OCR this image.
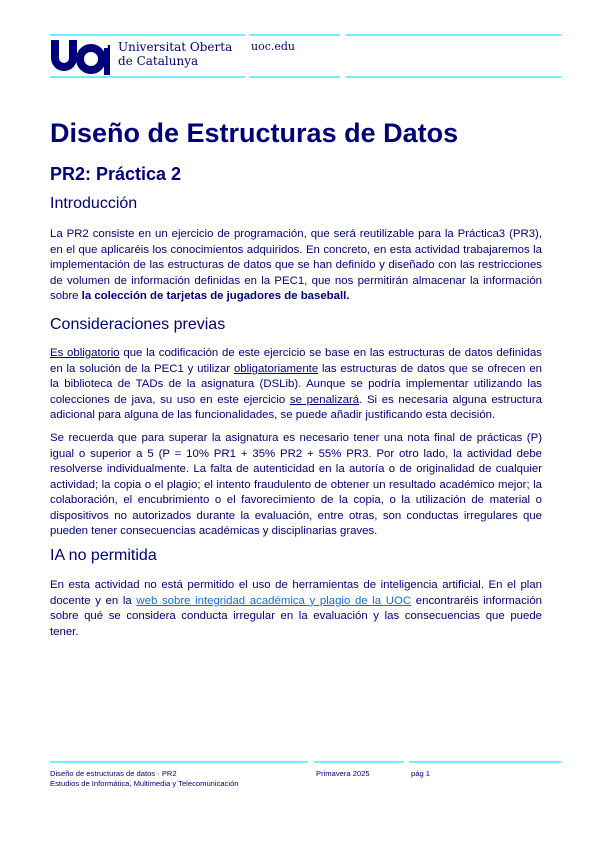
Universitat Oberta
de Catalunya
uoc.edu
Diseño de Estructuras de Datos
PR2: Práctica 2
Introducción

La PR2 consiste en un ejercicio de programación, que será reutilizable para la Práctica3 (PR3), en el que aplicaréis los conocimientos adquiridos. En concreto, en esta actividad trabajaremos la implementación de las estructuras de datos que se han definido y diseñado con las restricciones de volumen de información definidas en la PEC1, que nos permitirán almacenar la información sobre la colección de tarjetas de jugadores de baseball.

Consideraciones previas

Es obligatorio que la codificación de este ejercicio se base en las estructuras de datos definidas en la solución de la PEC1 y utilizar obligatoriamente las estructuras de datos que se ofrecen en la biblioteca de TADs de la asignatura (DSLib). Aunque se podría implementar utilizando las colecciones de java, su uso en este ejercicio se penalizará. Si es necesaria alguna estructura adicional para alguna de las funcionalidades, se puede añadir justificando esta decisión.

Se recuerda que para superar la asignatura es necesario tener una nota final de prácticas (P) igual o superior a 5 (P = 10% PR1 + 35% PR2 + 55% PR3. Por otro lado, la actividad debe resolverse individualmente. La falta de autenticidad en la autoría o de originalidad de cualquier actividad; la copia o el plagio; el intento fraudulento de obtener un resultado académico mejor; la colaboración, el encubrimiento o el favorecimiento de la copia, o la utilización de material o dispositivos no autorizados durante la evaluación, entre otras, son conductas irregulares que pueden tener consecuencias académicas y disciplinarias graves.

IA no permitida

En esta actividad no está permitido el uso de herramientas de inteligencia artificial. En el plan docente y en la web sobre integridad académica y plagio de la UOC encontraréis información sobre qué se considera conducta irregular en la evaluación y las consecuencias que puede tener.

Diseño de estructuras de datos · PR2
Estudios de Informática, Multimedia y Telecomunicación
Primavera 2025	pág 1
